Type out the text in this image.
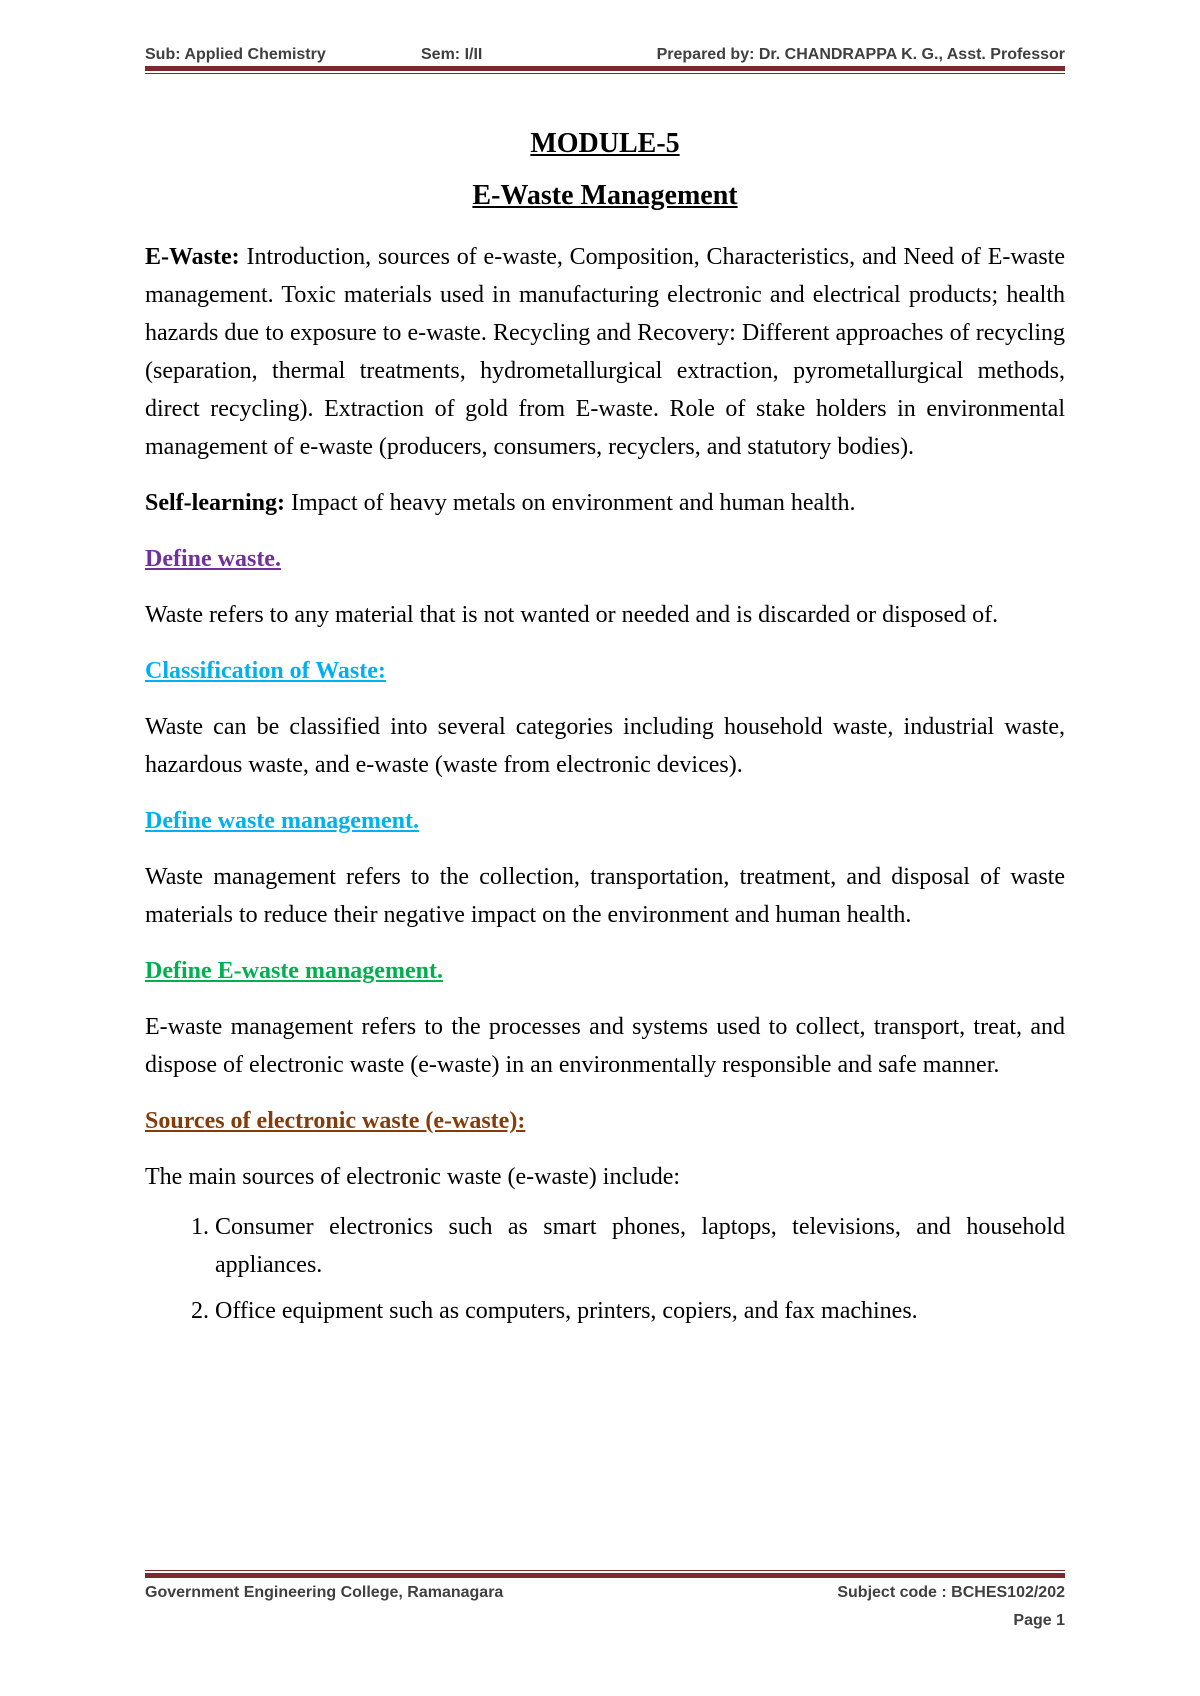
Sub: Applied Chemistry	Sem: I/II	Prepared by: Dr. CHANDRAPPA K. G., Asst. Professor
MODULE-5
E-Waste Management

E-Waste: Introduction, sources of e-waste, Composition, Characteristics, and Need of E-waste management. Toxic materials used in manufacturing electronic and electrical products; health hazards due to exposure to e-waste. Recycling and Recovery: Different approaches of recycling (separation, thermal treatments, hydrometallurgical extraction, pyrometallurgical methods, direct recycling). Extraction of gold from E-waste. Role of stake holders in environmental management of e-waste (producers, consumers, recyclers, and statutory bodies).

Self-learning: Impact of heavy metals on environment and human health.

Define waste.

Waste refers to any material that is not wanted or needed and is discarded or disposed of.

Classification of Waste:

Waste can be classified into several categories including household waste, industrial waste, hazardous waste, and e-waste (waste from electronic devices).

Define waste management.

Waste management refers to the collection, transportation, treatment, and disposal of waste materials to reduce their negative impact on the environment and human health.

Define E-waste management.

E-waste management refers to the processes and systems used to collect, transport, treat, and dispose of electronic waste (e-waste) in an environmentally responsible and safe manner.

Sources of electronic waste (e-waste):

The main sources of electronic waste (e-waste) include:

1. Consumer electronics such as smart phones, laptops, televisions, and household appliances.
2. Office equipment such as computers, printers, copiers, and fax machines.
Government Engineering College, Ramanagara	Subject code : BCHES102/202
Page 1
